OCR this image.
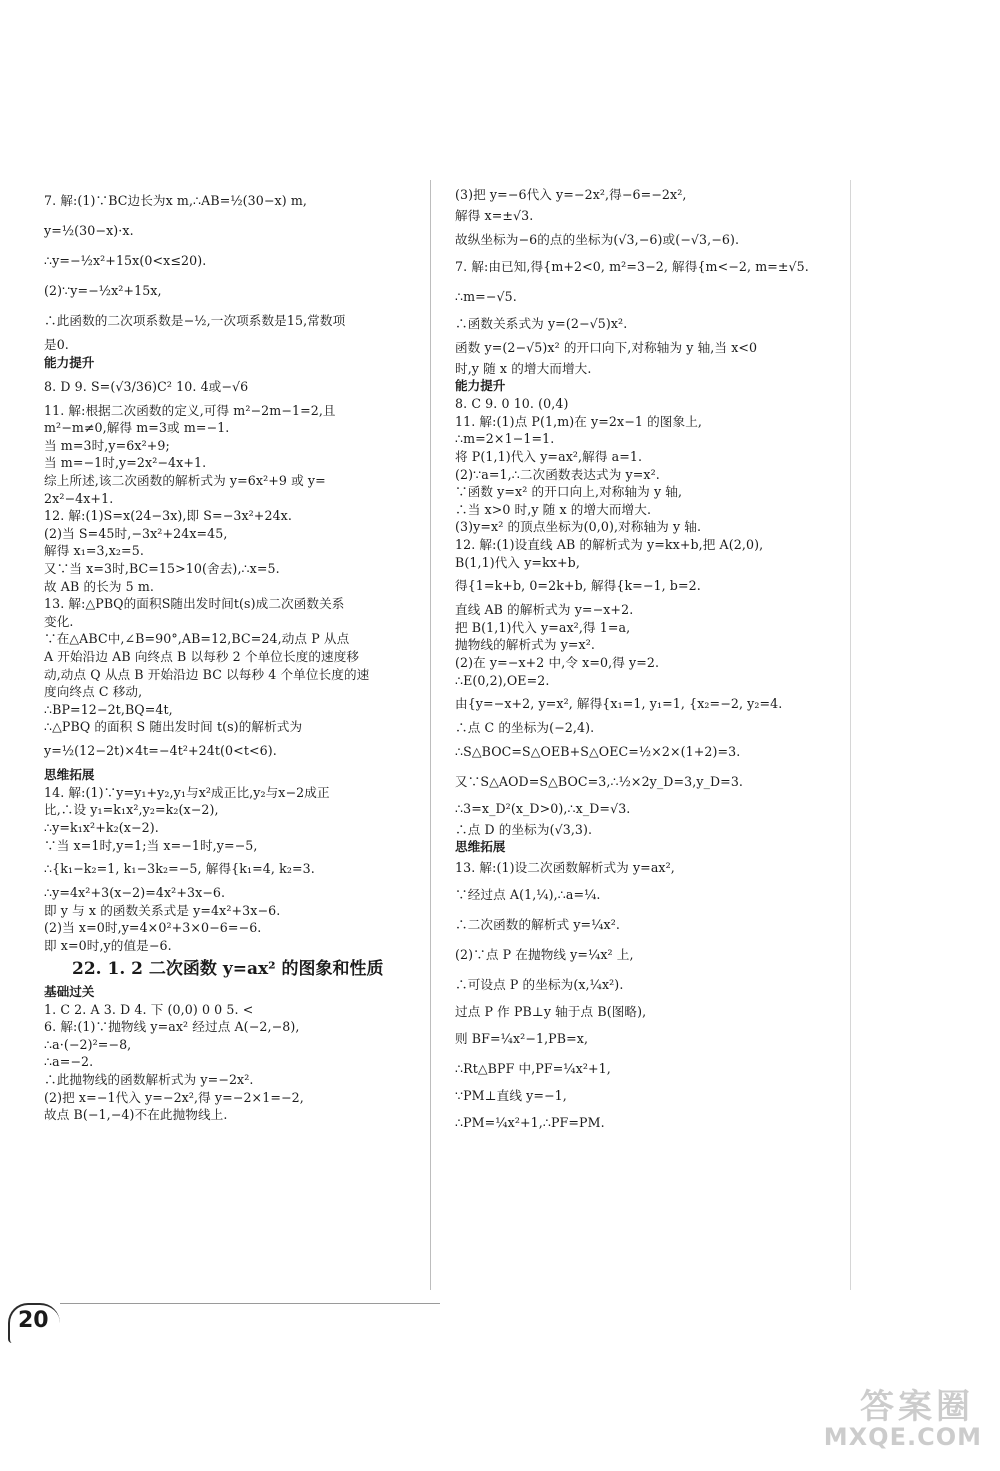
7. 解:(1)∵BC边长为x m,∴AB=½(30−x) m,
y=½(30−x)·x.
∴y=−½x²+15x(0<x≤20).
(2)∵y=−½x²+15x,
∴此函数的二次项系数是−½,一次项系数是15,常数项
是0.
能力提升
8. D 9. S=(√3/36)C² 10. 4或−√6
11. 解:根据二次函数的定义,可得 m²−2m−1=2,且
m²−m≠0,解得 m=3或 m=−1.
当 m=3时,y=6x²+9;
当 m=−1时,y=2x²−4x+1.
综上所述,该二次函数的解析式为 y=6x²+9 或 y=
2x²−4x+1.
12. 解:(1)S=x(24−3x),即 S=−3x²+24x.
(2)当 S=45时,−3x²+24x=45,
解得 x₁=3,x₂=5.
又∵当 x=3时,BC=15>10(舍去),∴x=5.
故 AB 的长为 5 m.
13. 解:△PBQ的面积S随出发时间t(s)成二次函数关系
变化.
∵在△ABC中,∠B=90°,AB=12,BC=24,动点 P 从点
A 开始沿边 AB 向终点 B 以每秒 2 个单位长度的速度移
动,动点 Q 从点 B 开始沿边 BC 以每秒 4 个单位长度的速
度向终点 C 移动,
∴BP=12−2t,BQ=4t,
∴△PBQ 的面积 S 随出发时间 t(s)的解析式为
y=½(12−2t)×4t=−4t²+24t(0<t<6).
思维拓展
14. 解:(1)∵y=y₁+y₂,y₁与x²成正比,y₂与x−2成正
比,∴设 y₁=k₁x²,y₂=k₂(x−2),
∴y=k₁x²+k₂(x−2).
∵当 x=1时,y=1;当 x=−1时,y=−5,
∴{k₁−k₂=1, k₁−3k₂=−5, 解得{k₁=4, k₂=3.
∴y=4x²+3(x−2)=4x²+3x−6.
即 y 与 x 的函数关系式是 y=4x²+3x−6.
(2)当 x=0时,y=4×0²+3×0−6=−6.
即 x=0时,y的值是−6.
22. 1. 2 二次函数 y=ax² 的图象和性质
基础过关
1. C 2. A 3. D 4. 下 (0,0) 0 0 5. <
6. 解:(1)∵抛物线 y=ax² 经过点 A(−2,−8),
∴a·(−2)²=−8,
∴a=−2.
∴此抛物线的函数解析式为 y=−2x².
(2)把 x=−1代入 y=−2x²,得 y=−2×1=−2,
故点 B(−1,−4)不在此抛物线上.
(3)把 y=−6代入 y=−2x²,得−6=−2x²,
解得 x=±√3.
故纵坐标为−6的点的坐标为(√3,−6)或(−√3,−6).
7. 解:由已知,得{m+2<0, m²=3−2, 解得{m<−2, m=±√5.
∴m=−√5.
∴函数关系式为 y=(2−√5)x².
函数 y=(2−√5)x² 的开口向下,对称轴为 y 轴,当 x<0
时,y 随 x 的增大而增大.
能力提升
8. C 9. 0 10. (0,4)
11. 解:(1)点 P(1,m)在 y=2x−1 的图象上,
∴m=2×1−1=1.
将 P(1,1)代入 y=ax²,解得 a=1.
(2)∵a=1,∴二次函数表达式为 y=x².
∵函数 y=x² 的开口向上,对称轴为 y 轴,
∴当 x>0 时,y 随 x 的增大而增大.
(3)y=x² 的顶点坐标为(0,0),对称轴为 y 轴.
12. 解:(1)设直线 AB 的解析式为 y=kx+b,把 A(2,0),
B(1,1)代入 y=kx+b,
得{1=k+b, 0=2k+b, 解得{k=−1, b=2.
直线 AB 的解析式为 y=−x+2.
把 B(1,1)代入 y=ax²,得 1=a,
抛物线的解析式为 y=x².
(2)在 y=−x+2 中,令 x=0,得 y=2.
∴E(0,2),OE=2.
由{y=−x+2, y=x², 解得{x₁=1, y₁=1, {x₂=−2, y₂=4.
∴点 C 的坐标为(−2,4).
∴S△BOC=S△OEB+S△OEC=½×2×(1+2)=3.
又∵S△AOD=S△BOC=3,∴½×2y_D=3,y_D=3.
∴3=x_D²(x_D>0),∴x_D=√3.
∴点 D 的坐标为(√3,3).
思维拓展
13. 解:(1)设二次函数解析式为 y=ax²,
∵经过点 A(1,¼),∴a=¼.
∴二次函数的解析式 y=¼x².
(2)∵点 P 在抛物线 y=¼x² 上,
∴可设点 P 的坐标为(x,¼x²).
过点 P 作 PB⊥y 轴于点 B(图略),
则 BF=¼x²−1,PB=x,
∴Rt△BPF 中,PF=¼x²+1,
∵PM⊥直线 y=−1,
∴PM=¼x²+1,∴PF=PM.
20
答案圈
MXQE.COM
